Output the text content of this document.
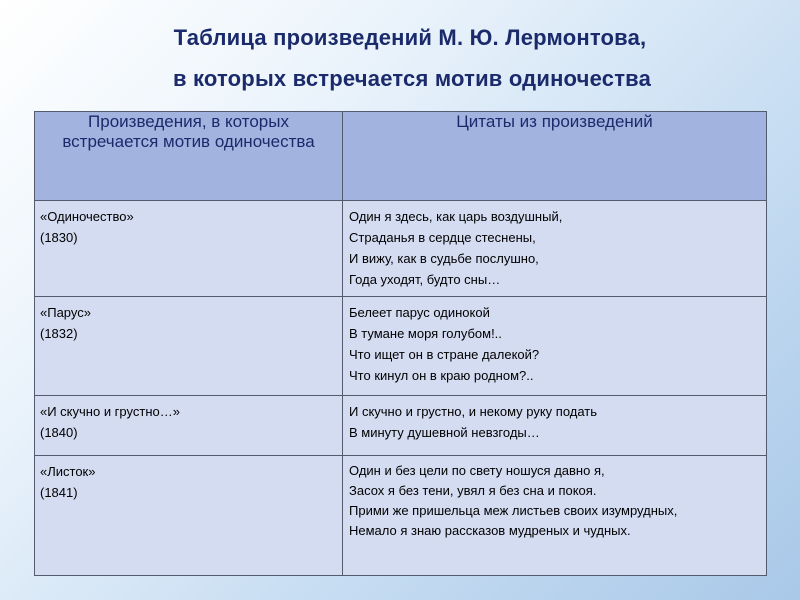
Таблица произведений М. Ю. Лермонтова,
в которых встречается мотив одиночества
Произведения, в которых встречается мотив одиночества	Цитаты из произведений

«Одиночество»
(1830)	Один я здесь, как царь воздушный,
Страданья в сердце стеснены,
И вижу, как в судьбе послушно,
Года уходят, будто сны…

«Парус»
(1832)	Белеет парус одинокой
В тумане моря голубом!..
Что ищет он в стране далекой?
Что кинул он в краю родном?..

«И скучно и грустно…»
(1840)	И скучно и грустно, и некому руку подать
В минуту душевной невзгоды…

«Листок»
(1841)	Один и без цели по свету ношуся давно я,
Засох я без тени, увял я без сна и покоя.
Прими же пришельца меж листьев своих изумрудных,
Немало я знаю рассказов мудреных и чудных.
